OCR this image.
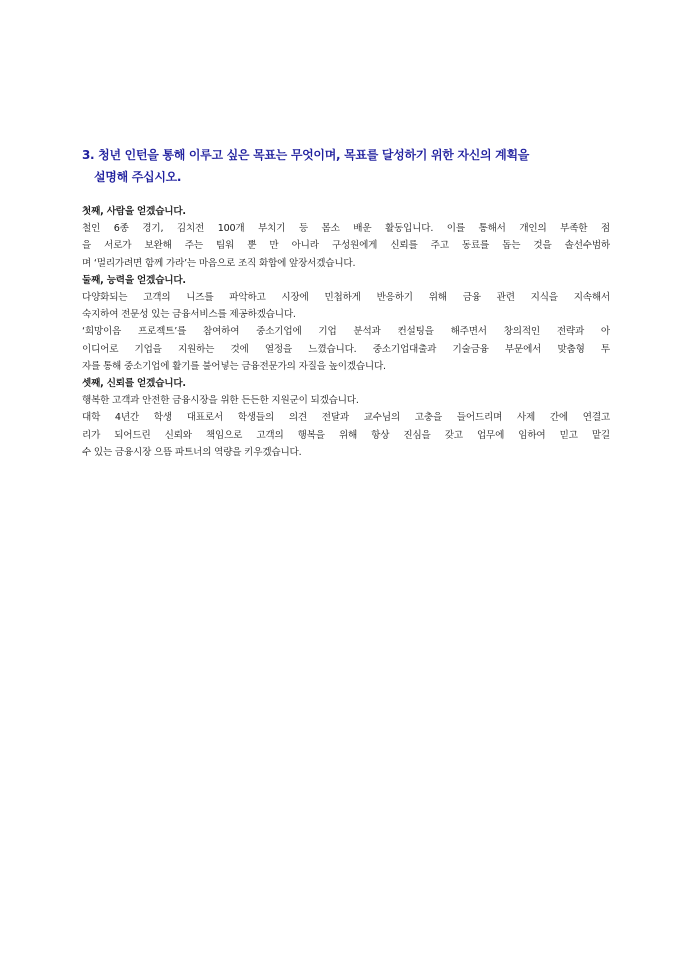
3. 청년 인턴을 통해 이루고 싶은 목표는 무엇이며, 목표를 달성하기 위한 자신의 계획을
설명해 주십시오.
첫째, 사람을 얻겠습니다.
철인 6종 경기, 김치전 100개 부치기 등 몸소 배운 활동입니다. 이를 통해서 개인의 부족한 점
을 서로가 보완해 주는 팀워 뿐 만 아니라 구성원에게 신뢰를 주고 동료를 돕는 것을 솔선수범하
며 ‘멀리가려면 함께 가라’는 마음으로 조직 화합에 앞장서겠습니다.
둘째, 능력을 얻겠습니다.
다양화되는 고객의 니즈를 파악하고 시장에 민첩하게 반응하기 위해 금융 관련 지식을 지속해서
숙지하여 전문성 있는 금융서비스를 제공하겠습니다.
‘희망이음 프로젝트’를 참여하여 중소기업에 기업 분석과 컨설팅을 해주면서 창의적인 전략과 아
이디어로 기업을 지원하는 것에 열정을 느꼈습니다. 중소기업대출과 기술금융 부문에서 맞춤형 투
자를 통해 중소기업에 활기를 불어넣는 금융전문가의 자질을 높이겠습니다.
셋째, 신뢰를 얻겠습니다.
행복한 고객과 안전한 금융시장을 위한 든든한 지원군이 되겠습니다.
대학 4년간 학생 대표로서 학생들의 의견 전달과 교수님의 고충을 들어드리며 사제 간에 연결고
리가 되어드린 신뢰와 책임으로 고객의 행복을 위해 항상 진심을 갖고 업무에 임하여 믿고 맡길
수 있는 금융시장 으뜸 파트너의 역량을 키우겠습니다.
